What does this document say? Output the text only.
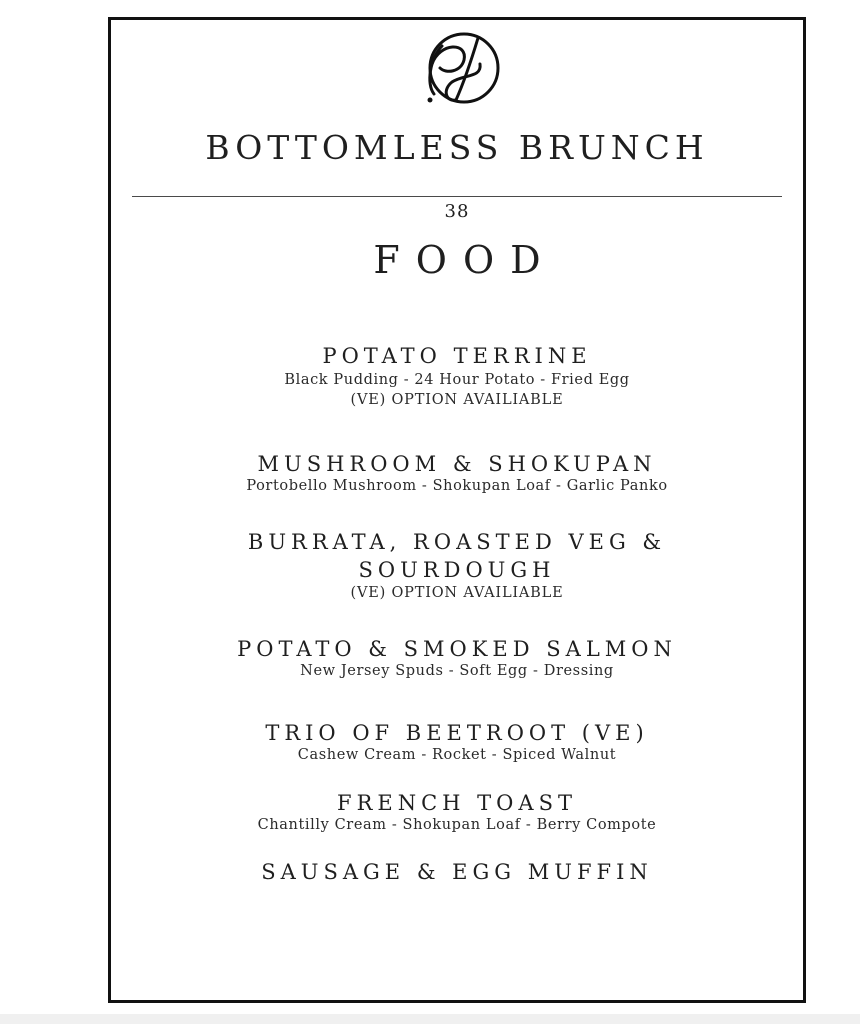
BOTTOMLESS BRUNCH
38
FOOD
POTATO TERRINE
Black Pudding - 24 Hour Potato - Fried Egg
(VE) OPTION AVAILIABLE
MUSHROOM & SHOKUPAN
Portobello Mushroom - Shokupan Loaf - Garlic Panko
BURRATA, ROASTED VEG &
SOURDOUGH
(VE) OPTION AVAILIABLE
POTATO & SMOKED SALMON
New Jersey Spuds - Soft Egg - Dressing
TRIO OF BEETROOT (VE)
Cashew Cream - Rocket - Spiced Walnut
FRENCH TOAST
Chantilly Cream - Shokupan Loaf - Berry Compote
SAUSAGE & EGG MUFFIN
